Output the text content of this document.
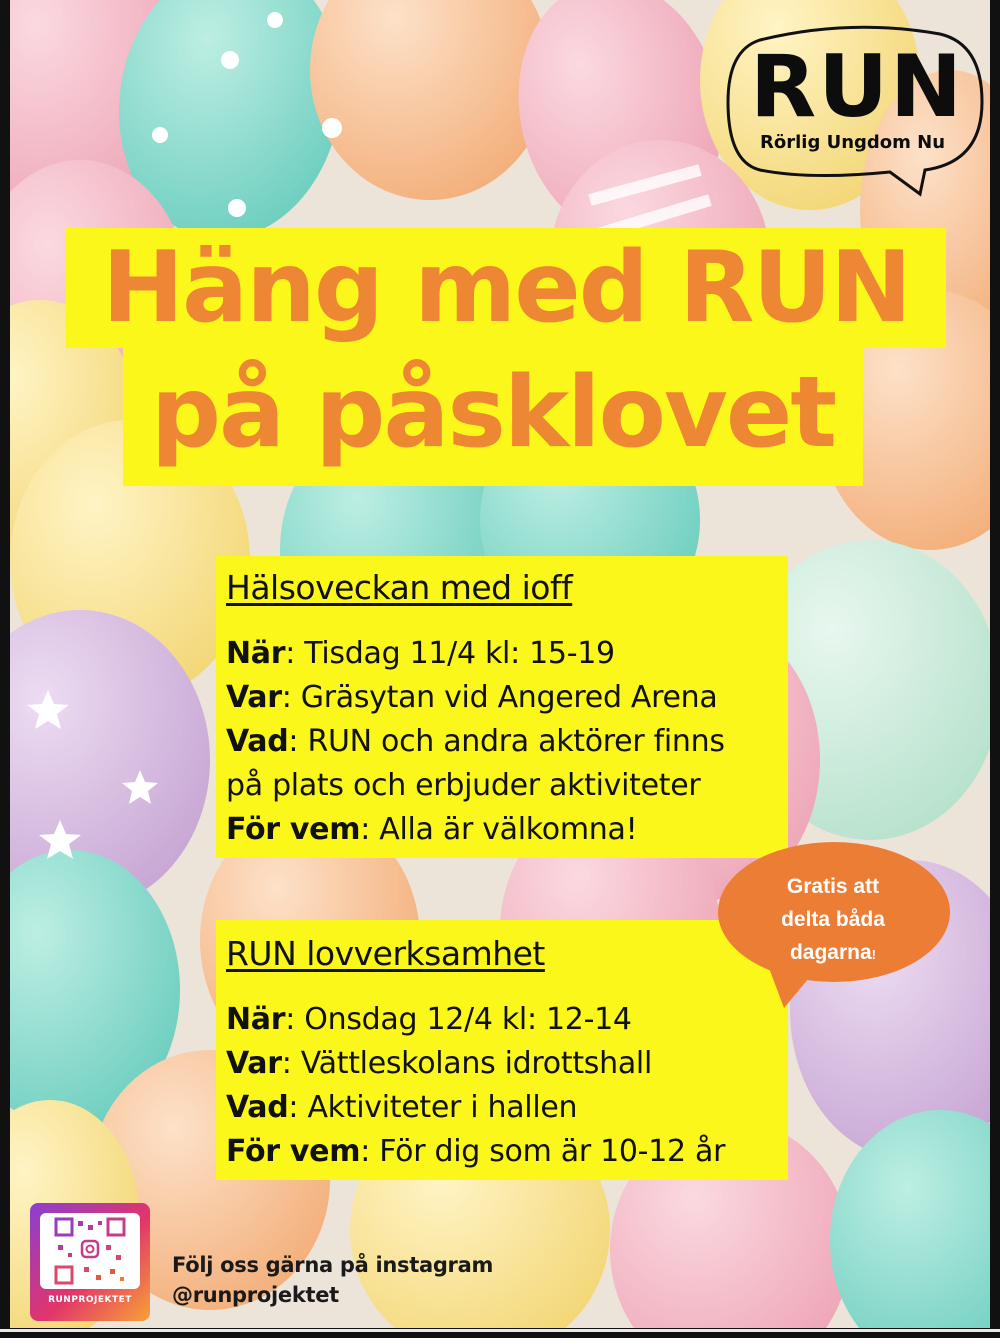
RUN
Rörlig Ungdom Nu
Häng med RUN
på påsklovet
Hälsoveckan med ioff
När: Tisdag 11/4 kl: 15-19
Var: Gräsytan vid Angered Arena
Vad: RUN och andra aktörer finns
på plats och erbjuder aktiviteter
För vem: Alla är välkomna!
RUN lovverksamhet
När: Onsdag 12/4 kl: 12-14
Var: Vättleskolans idrottshall
Vad: Aktiviteter i hallen
För vem: För dig som är 10-12 år
Gratis att
delta båda
dagarna!
RUNPROJEKTET
Följ oss gärna på instagram
@runprojektet
